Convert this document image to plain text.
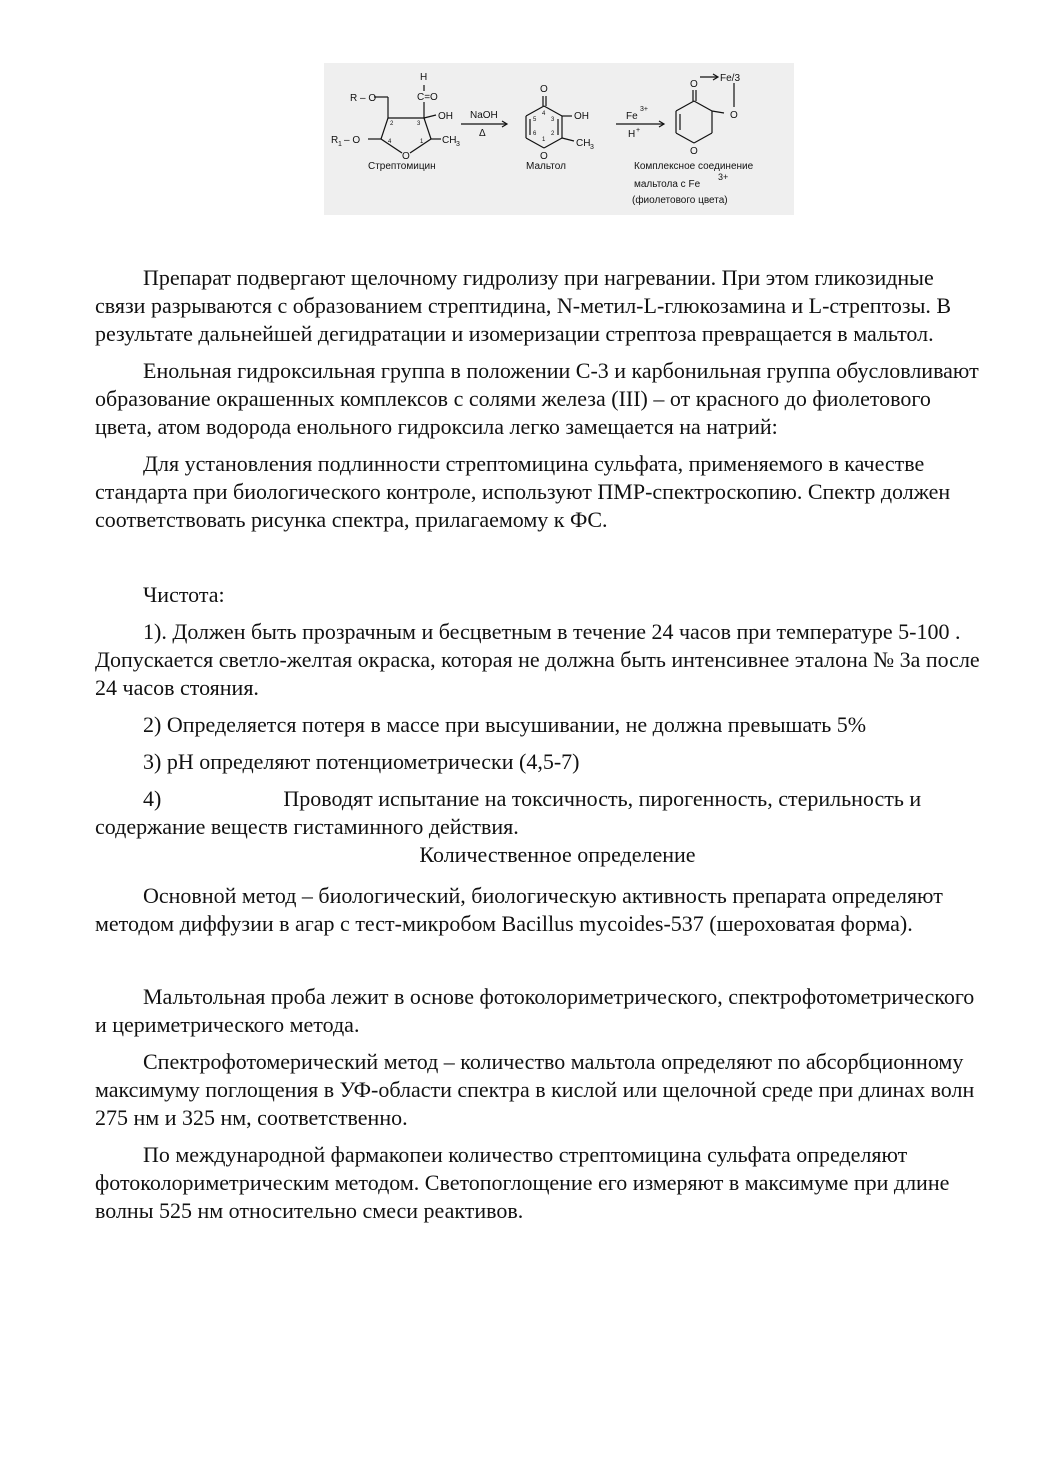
R – O
H
C=O
OH
R 1 – O	CH 3
O
1
2	3
4
NaOH
Δ
O
OH
CH 3
O
1
2
3
4
5
6
Fe
3+
H +
O
Fe/3
O
O
Стрептомицин	Мальтол	Комплексное соединение
мальтола с Fe
3+
(фиолетового цвета)

Препарат подвергают щелочному гидролизу при нагревании. При этом гликозидные связи разрываются с образованием стрептидина, N-метил-L-глюкозамина и L-стрептозы. В результате дальнейшей дегидратации и изомеризации стрептоза превращается в мальтол.

Енольная гидроксильная группа в положении С-3 и карбонильная группа обусловливают образование окрашенных комплексов с солями железа (III) – от красного до фиолетового цвета, атом водорода енольного гидроксила легко замещается на натрий:

Для установления подлинности стрептомицина сульфата, применяемого в качестве стандарта при биологического контроле, используют ПМР-спектроскопию. Спектр должен соответствовать рисунка спектра, прилагаемому к ФС.

Чистота:

1). Должен быть прозрачным и бесцветным в течение 24 часов при температуре 5-100 . Допускается светло-желтая окраска, которая не должна быть интенсивнее эталона № 3а после 24 часов стояния.

2) Определяется потеря в массе при высушивании, не должна превышать 5%

3) pH определяют потенциометрически (4,5-7)

4)	Проводят испытание на токсичность, пирогенность, стерильность и содержание веществ гистаминного действия.

Количественное определение

Основной метод – биологический, биологическую активность препарата определяют методом диффузии в агар с тест-микробом Bacillus mycoides-537 (шероховатая форма).

Мальтольная проба лежит в основе фотоколориметрического, спектрофотометрического и цериметрического метода.

Спектрофотомерический метод – количество мальтола определяют по абсорбционному максимуму поглощения в УФ-области спектра в кислой или щелочной среде при длинах волн 275 нм и 325 нм, соответственно.

По международной фармакопеи количество стрептомицина сульфата определяют фотоколориметрическим методом. Светопоглощение его измеряют в максимуме при длине волны 525 нм относительно смеси реактивов.
